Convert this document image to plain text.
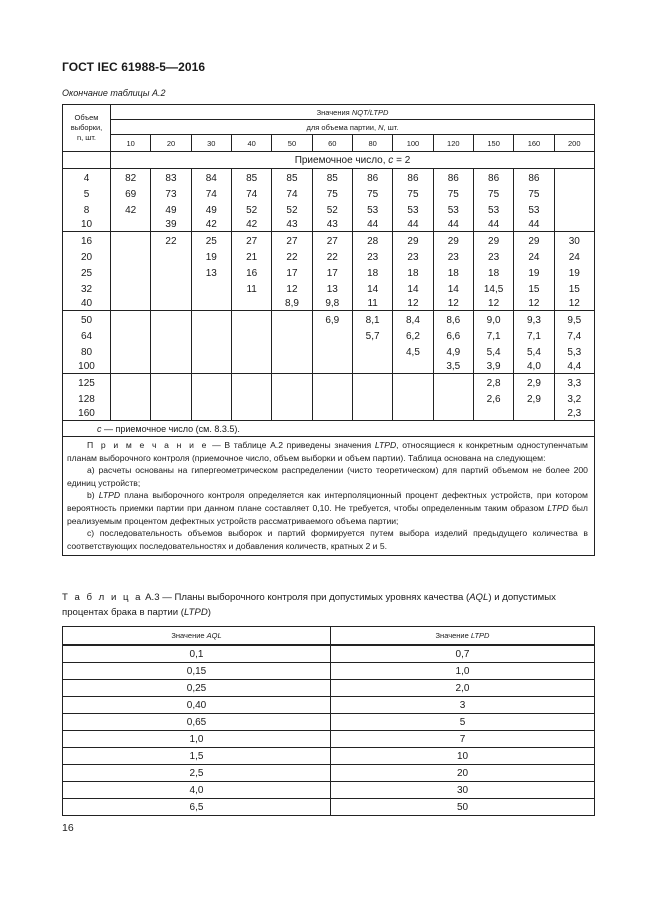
ГОСТ IEC 61988-5—2016
Окончание таблицы А.2
Объем
выборки,
n, шт.	Значения NQT/LTPD											
	для объема партии, N, шт.											
	10	20	30	40	50	60	80	100	120	150	160	200
	Приемочное число, c = 2											
4	82	83	84	85	85	85	86	86	86	86	86	
5	69	73	74	74	74	75	75	75	75	75	75	
8	42	49	49	52	52	52	53	53	53	53	53	
10		39	42	42	43	43	44	44	44	44	44	
16		22	25	27	27	27	28	29	29	29	29	30
20			19	21	22	22	23	23	23	23	24	24
25			13	16	17	17	18	18	18	18	19	19
32				11	12	13	14	14	14	14,5	15	15
40					8,9	9,8	11	12	12	12	12	12
50						6,9	8,1	8,4	8,6	9,0	9,3	9,5
64							5,7	6,2	6,6	7,1	7,1	7,4
80								4,5	4,9	5,4	5,4	5,3
100									3,5	3,9	4,0	4,4
125										2,8	2,9	3,3
128										2,6	2,9	3,2
160												2,3
c — приемочное число (см. 8.3.5).												

П р и м е ч а н и е — В таблице А.2 приведены значения LTPD, относящиеся к конкретным одноступенчатым планам выборочного контроля (приемочное число, объем выборки и объем партии). Таблица основана на следующем:

a) расчеты основаны на гипергеометрическом распределении (чисто теоретическом) для партий объемом не более 200 единиц устройств;

b) LTPD плана выборочного контроля определяется как интерполяционный процент дефектных устройств, при котором вероятность приемки партии при данном плане составляет 0,10. Не требуется, чтобы определенным таким образом LTPD был реализуемым процентом дефектных устройств рассматриваемого объема партии;

c) последовательность объемов выборок и партий формируется путем выбора изделий предыдущего количества в соответствующих последовательностях и добавления количеств, кратных 2 и 5.												

Т а б л и ц а А.3 — Планы выборочного контроля при допустимых уровнях качества (AQL) и допустимых процентах брака в партии (LTPD)
Значение AQL	Значение LTPD
0,1	0,7
0,15	1,0
0,25	2,0
0,40	3
0,65	5
1,0	7
1,5	10
2,5	20
4,0	30
6,5	50
16
